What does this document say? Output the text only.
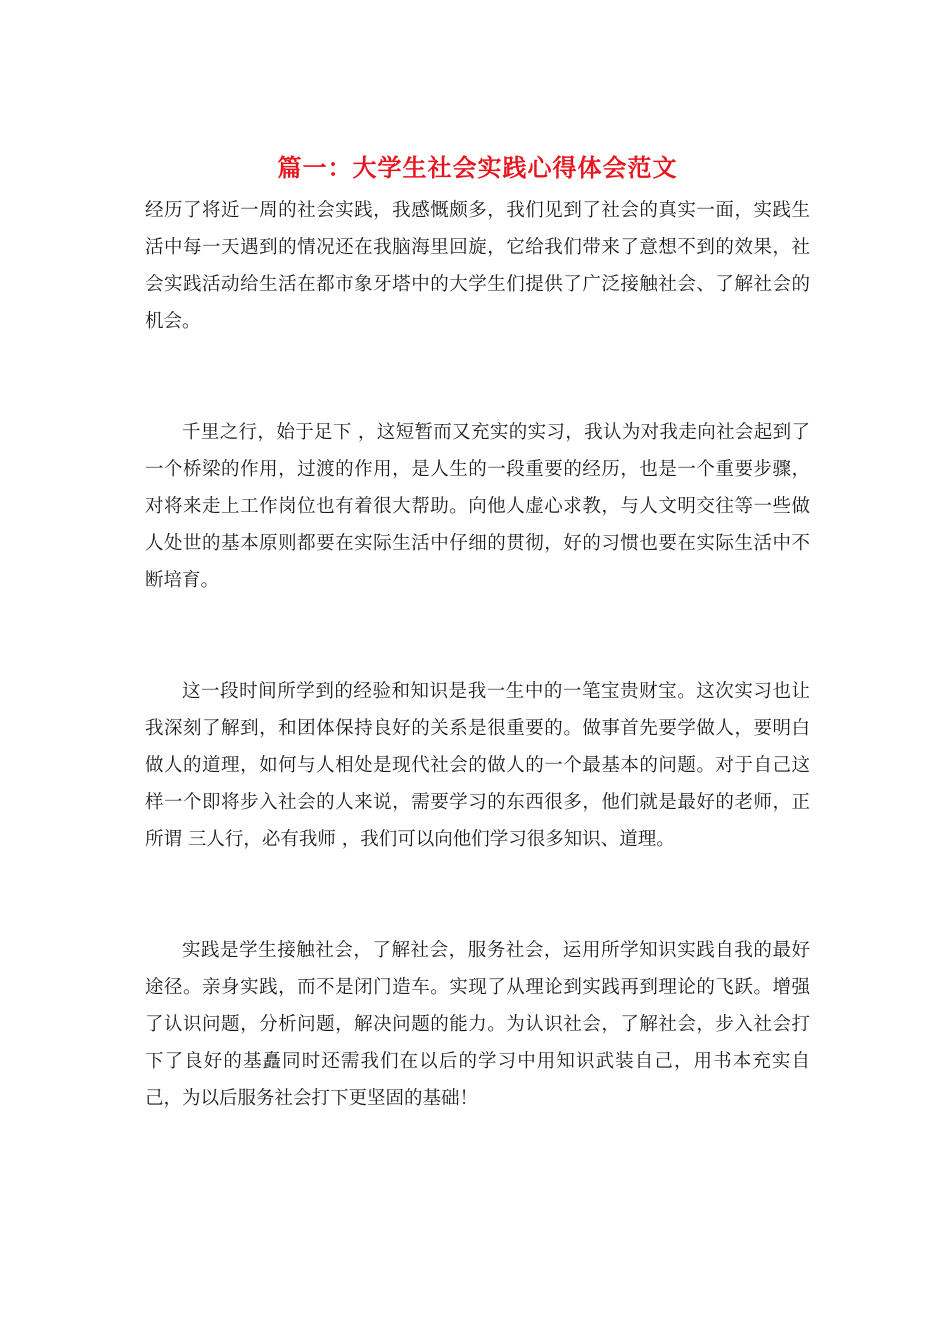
篇一：大学生社会实践心得体会范文

经历了将近一周的社会实践，我感慨颇多，我们见到了社会的真实一面，实践生活中每一天遇到的情况还在我脑海里回旋，它给我们带来了意想不到的效果，社会实践活动给生活在都市象牙塔中的大学生们提供了广泛接触社会、了解社会的机会。

千里之行，始于足下 ，这短暂而又充实的实习，我认为对我走向社会起到了一个桥梁的作用，过渡的作用，是人生的一段重要的经历，也是一个重要步骤，对将来走上工作岗位也有着很大帮助。向他人虚心求教，与人文明交往等一些做人处世的基本原则都要在实际生活中仔细的贯彻，好的习惯也要在实际生活中不断培育。

这一段时间所学到的经验和知识是我一生中的一笔宝贵财宝。这次实习也让我深刻了解到，和团体保持良好的关系是很重要的。做事首先要学做人，要明白做人的道理，如何与人相处是现代社会的做人的一个最基本的问题。对于自己这样一个即将步入社会的人来说，需要学习的东西很多，他们就是最好的老师，正所谓 三人行，必有我师 ，我们可以向他们学习很多知识、道理。

实践是学生接触社会，了解社会，服务社会，运用所学知识实践自我的最好途径。亲身实践，而不是闭门造车。实现了从理论到实践再到理论的飞跃。增强了认识问题，分析问题，解决问题的能力。为认识社会，了解社会，步入社会打下了良好的基矗同时还需我们在以后的学习中用知识武装自己，用书本充实自己，为以后服务社会打下更坚固的基础！
